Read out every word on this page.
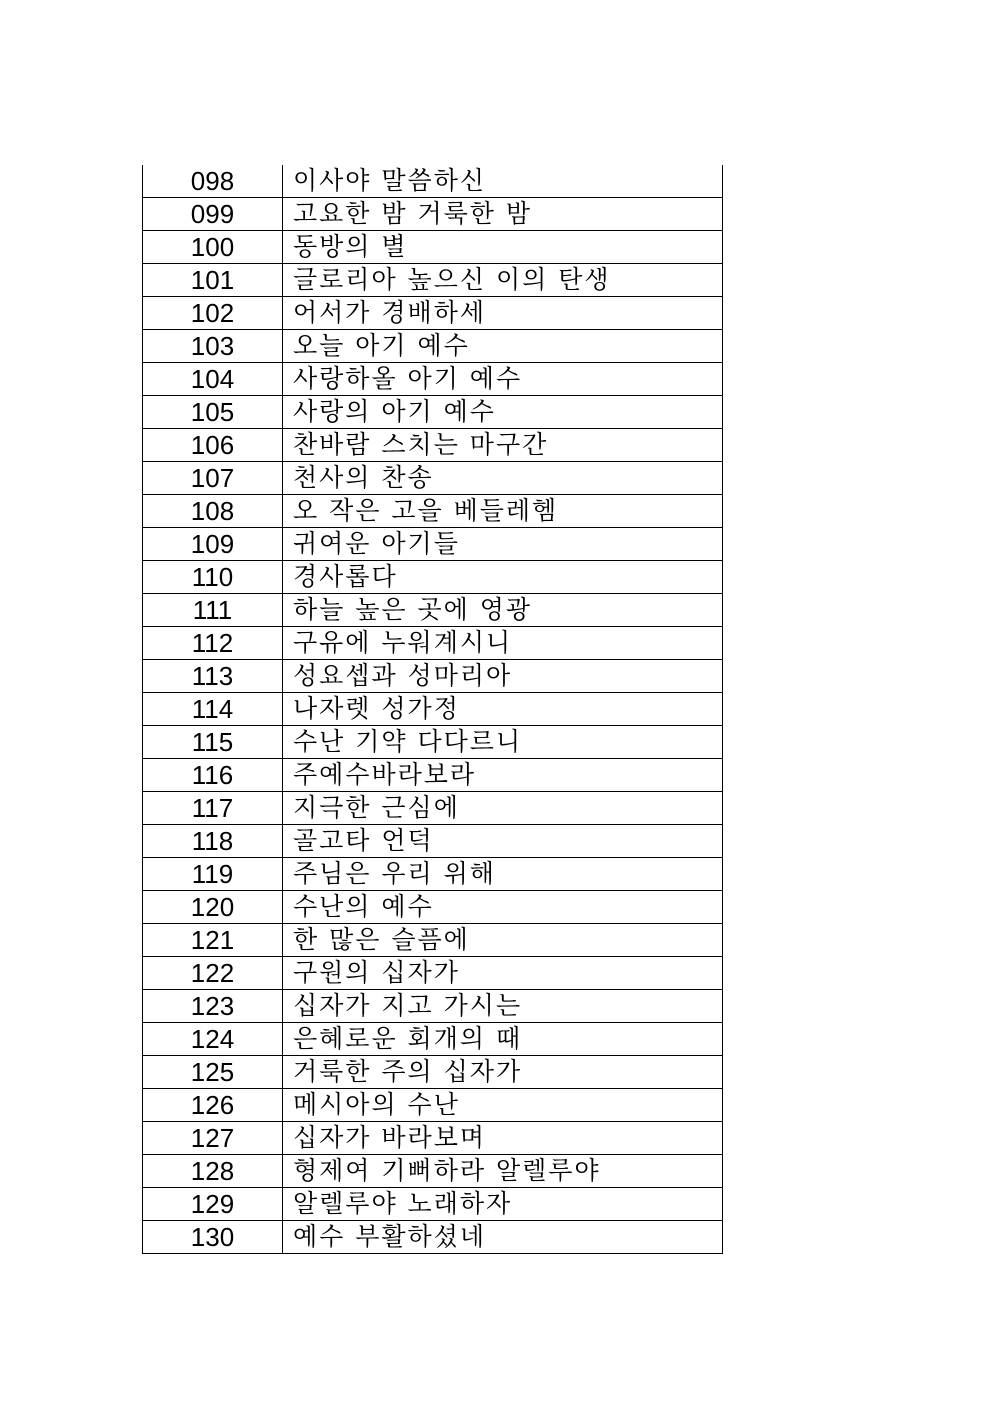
098	이사야 말씀하신
099	고요한 밤 거룩한 밤
100	동방의 별
101	글로리아 높으신 이의 탄생
102	어서가 경배하세
103	오늘 아기 예수
104	사랑하올 아기 예수
105	사랑의 아기 예수
106	찬바람 스치는 마구간
107	천사의 찬송
108	오 작은 고을 베들레헴
109	귀여운 아기들
110	경사롭다
111	하늘 높은 곳에 영광
112	구유에 누워계시니
113	성요셉과 성마리아
114	나자렛 성가정
115	수난 기약 다다르니
116	주예수바라보라
117	지극한 근심에
118	골고타 언덕
119	주님은 우리 위해
120	수난의 예수
121	한 많은 슬픔에
122	구원의 십자가
123	십자가 지고 가시는
124	은혜로운 회개의 때
125	거룩한 주의 십자가
126	메시아의 수난
127	십자가 바라보며
128	형제여 기뻐하라 알렐루야
129	알렐루야 노래하자
130	예수 부활하셨네
